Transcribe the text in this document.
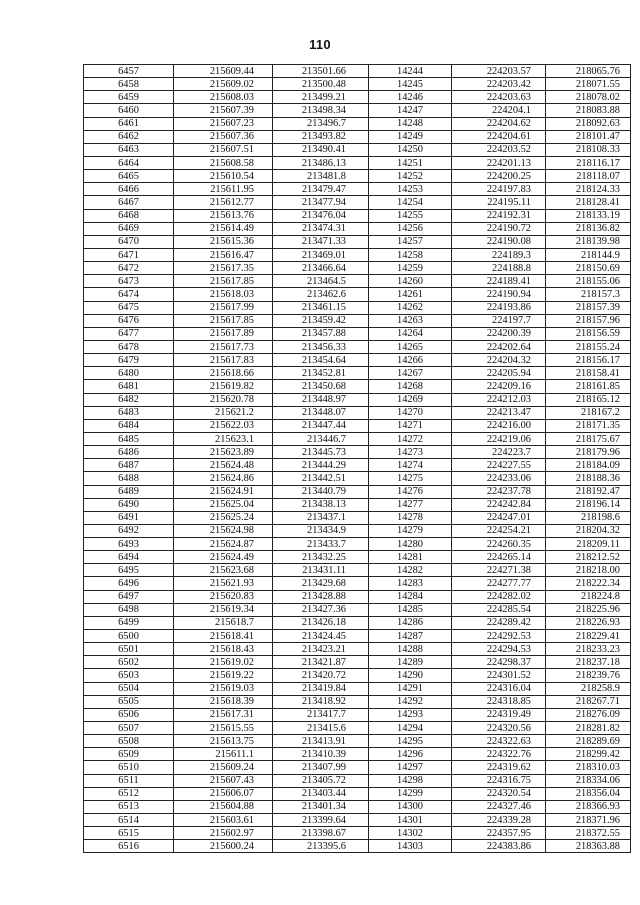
110
6457	215609.44	213501.66	14244	224203.57	218065.76
6458	215609.02	213500.48	14245	224203.42	218071.55
6459	215608.03	213499.21	14246	224203.63	218078.02
6460	215607.39	213498.34	14247	224204.1	218083.88
6461	215607.23	213496.7	14248	224204.62	218092.63
6462	215607.36	213493.82	14249	224204.61	218101.47
6463	215607.51	213490.41	14250	224203.52	218108.33
6464	215608.58	213486.13	14251	224201.13	218116.17
6465	215610.54	213481.8	14252	224200.25	218118.07
6466	215611.95	213479.47	14253	224197.83	218124.33
6467	215612.77	213477.94	14254	224195.11	218128.41
6468	215613.76	213476.04	14255	224192.31	218133.19
6469	215614.49	213474.31	14256	224190.72	218136.82
6470	215615.36	213471.33	14257	224190.08	218139.98
6471	215616.47	213469.01	14258	224189.3	218144.9
6472	215617.35	213466.64	14259	224188.8	218150.69
6473	215617.85	213464.5	14260	224189.41	218155.06
6474	215618.03	213462.6	14261	224190.94	218157.3
6475	215617.99	213461.15	14262	224193.86	218157.39
6476	215617.85	213459.42	14263	224197.7	218157.96
6477	215617.89	213457.88	14264	224200.39	218156.59
6478	215617.73	213456.33	14265	224202.64	218155.24
6479	215617.83	213454.64	14266	224204.32	218156.17
6480	215618.66	213452.81	14267	224205.94	218158.41
6481	215619.82	213450.68	14268	224209.16	218161.85
6482	215620.78	213448.97	14269	224212.03	218165.12
6483	215621.2	213448.07	14270	224213.47	218167.2
6484	215622.03	213447.44	14271	224216.00	218171.35
6485	215623.1	213446.7	14272	224219.06	218175.67
6486	215623.89	213445.73	14273	224223.7	218179.96
6487	215624.48	213444.29	14274	224227.55	218184.09
6488	215624.86	213442.51	14275	224233.06	218188.36
6489	215624.91	213440.79	14276	224237.78	218192.47
6490	215625.04	213438.13	14277	224242.84	218196.14
6491	215625.24	213437.1	14278	224247.01	218198.6
6492	215624.98	213434.9	14279	224254.21	218204.32
6493	215624.87	213433.7	14280	224260.35	218209.11
6494	215624.49	213432.25	14281	224265.14	218212.52
6495	215623.68	213431.11	14282	224271.38	218218.00
6496	215621.93	213429.68	14283	224277.77	218222.34
6497	215620.83	213428.88	14284	224282.02	218224.8
6498	215619.34	213427.36	14285	224285.54	218225.96
6499	215618.7	213426.18	14286	224289.42	218226.93
6500	215618.41	213424.45	14287	224292.53	218229.41
6501	215618.43	213423.21	14288	224294.53	218233.23
6502	215619.02	213421.87	14289	224298.37	218237.18
6503	215619.22	213420.72	14290	224301.52	218239.76
6504	215619.03	213419.84	14291	224316.04	218258.9
6505	215618.39	213418.92	14292	224318.85	218267.71
6506	215617.31	213417.7	14293	224319.49	218276.09
6507	215615.55	213415.6	14294	224320.56	218281.82
6508	215613.75	213413.91	14295	224322.63	218289.69
6509	215611.1	213410.39	14296	224322.76	218299.42
6510	215609.24	213407.99	14297	224319.62	218310.03
6511	215607.43	213405.72	14298	224316.75	218334.06
6512	215606.07	213403.44	14299	224320.54	218356.04
6513	215604.88	213401.34	14300	224327.46	218366.93
6514	215603.61	213399.64	14301	224339.28	218371.96
6515	215602.97	213398.67	14302	224357.95	218372.55
6516	215600.24	213395.6	14303	224383.86	218363.88
